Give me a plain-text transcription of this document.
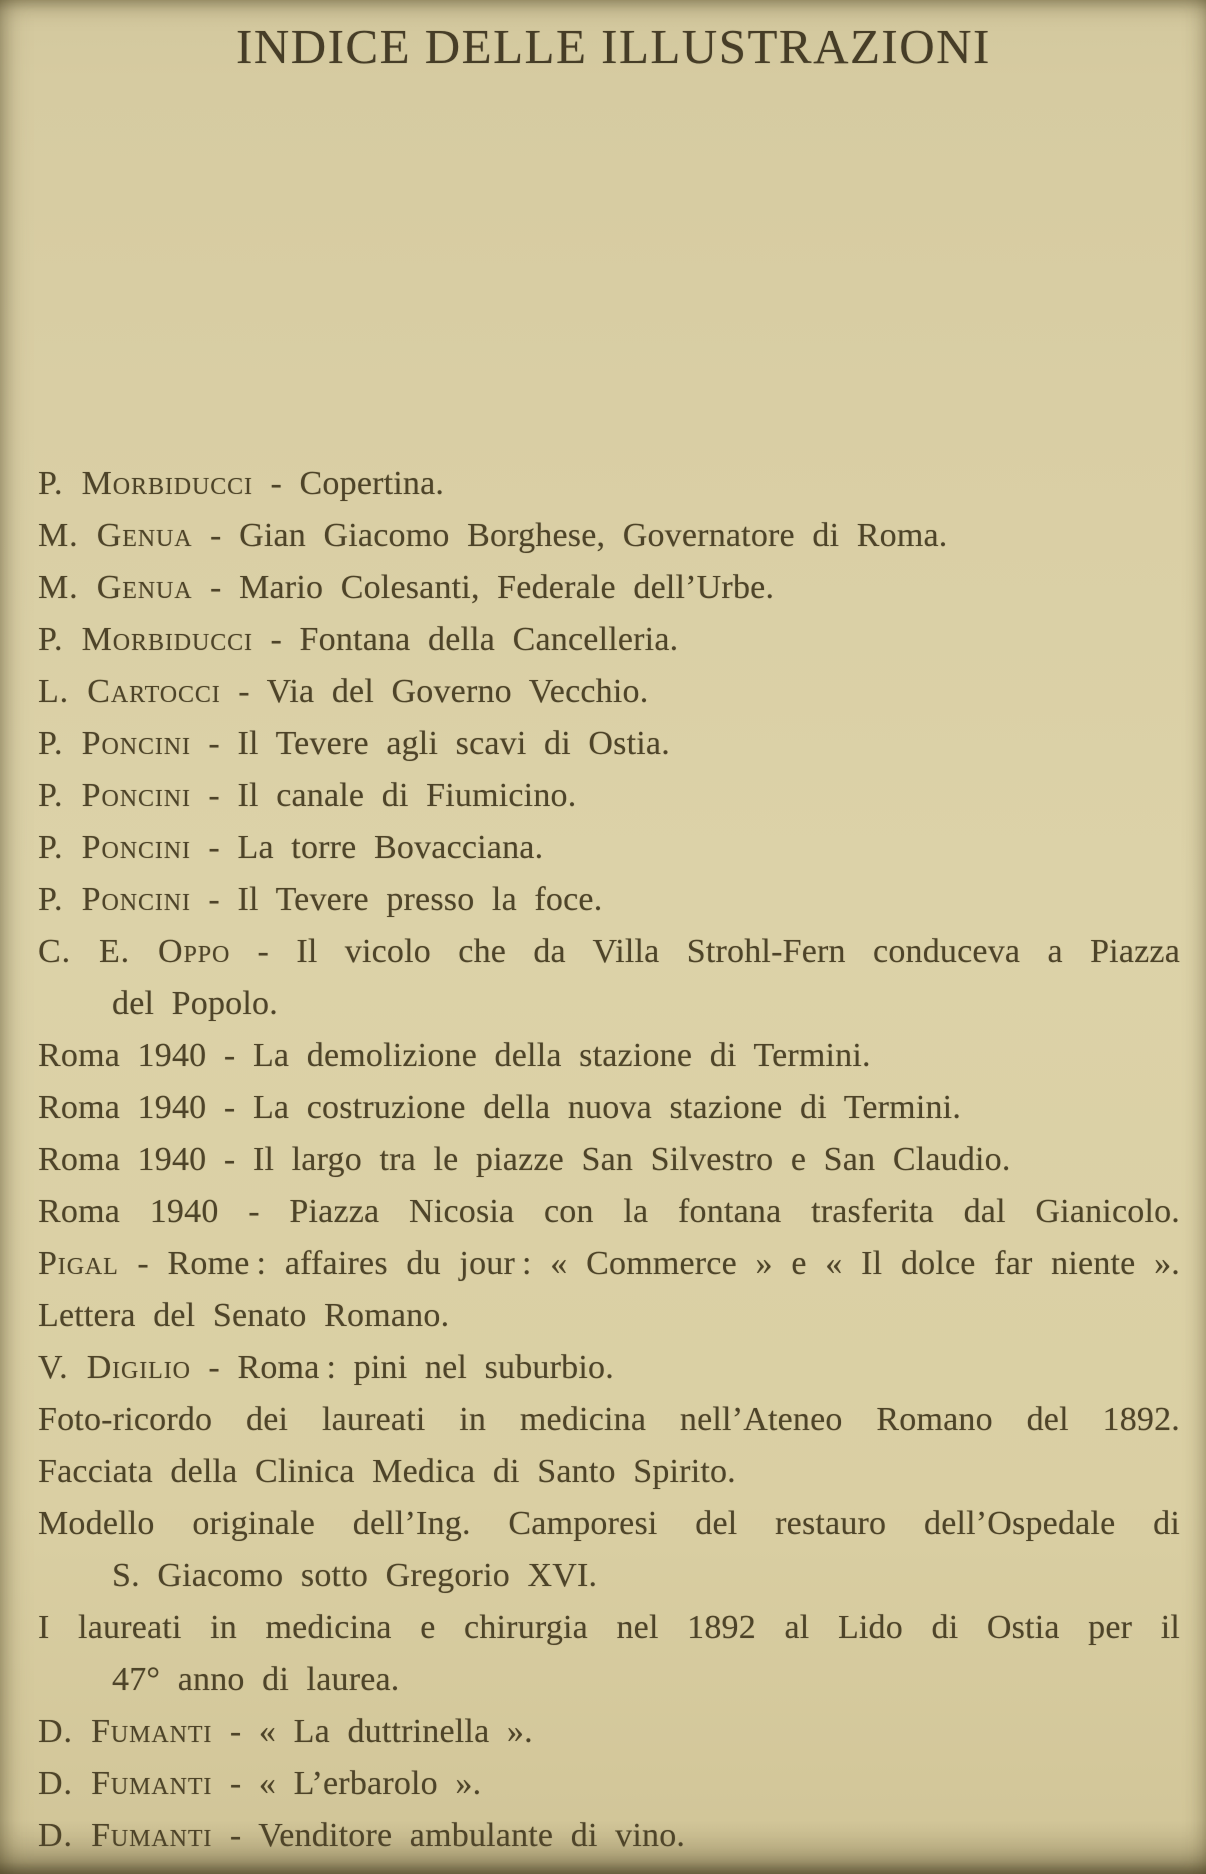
INDICE DELLE ILLUSTRAZIONI
P. Morbiducci - Copertina.
M. Genua - Gian Giacomo Borghese, Governatore di Roma.
M. Genua - Mario Colesanti, Federale dell’Urbe.
P. Morbiducci - Fontana della Cancelleria.
L. Cartocci - Via del Governo Vecchio.
P. Poncini - Il Tevere agli scavi di Ostia.
P. Poncini - Il canale di Fiumicino.
P. Poncini - La torre Bovacciana.
P. Poncini - Il Tevere presso la foce.
C. E. Oppo - Il vicolo che da Villa Strohl-Fern conduceva a Piazza
del Popolo.
Roma 1940 - La demolizione della stazione di Termini.
Roma 1940 - La costruzione della nuova stazione di Termini.
Roma 1940 - Il largo tra le piazze San Silvestro e San Claudio.
Roma 1940 - Piazza Nicosia con la fontana trasferita dal Gianicolo.
Pigal - Rome : affaires du jour : « Commerce » e « Il dolce far niente ».
Lettera del Senato Romano.
V. Digilio - Roma : pini nel suburbio.
Foto-ricordo dei laureati in medicina nell’Ateneo Romano del 1892.
Facciata della Clinica Medica di Santo Spirito.
Modello originale dell’Ing. Camporesi del restauro dell’Ospedale di
S. Giacomo sotto Gregorio XVI.
I laureati in medicina e chirurgia nel 1892 al Lido di Ostia per il
47° anno di laurea.
D. Fumanti - « La duttrinella ».
D. Fumanti - « L’erbarolo ».
D. Fumanti - Venditore ambulante di vino.
